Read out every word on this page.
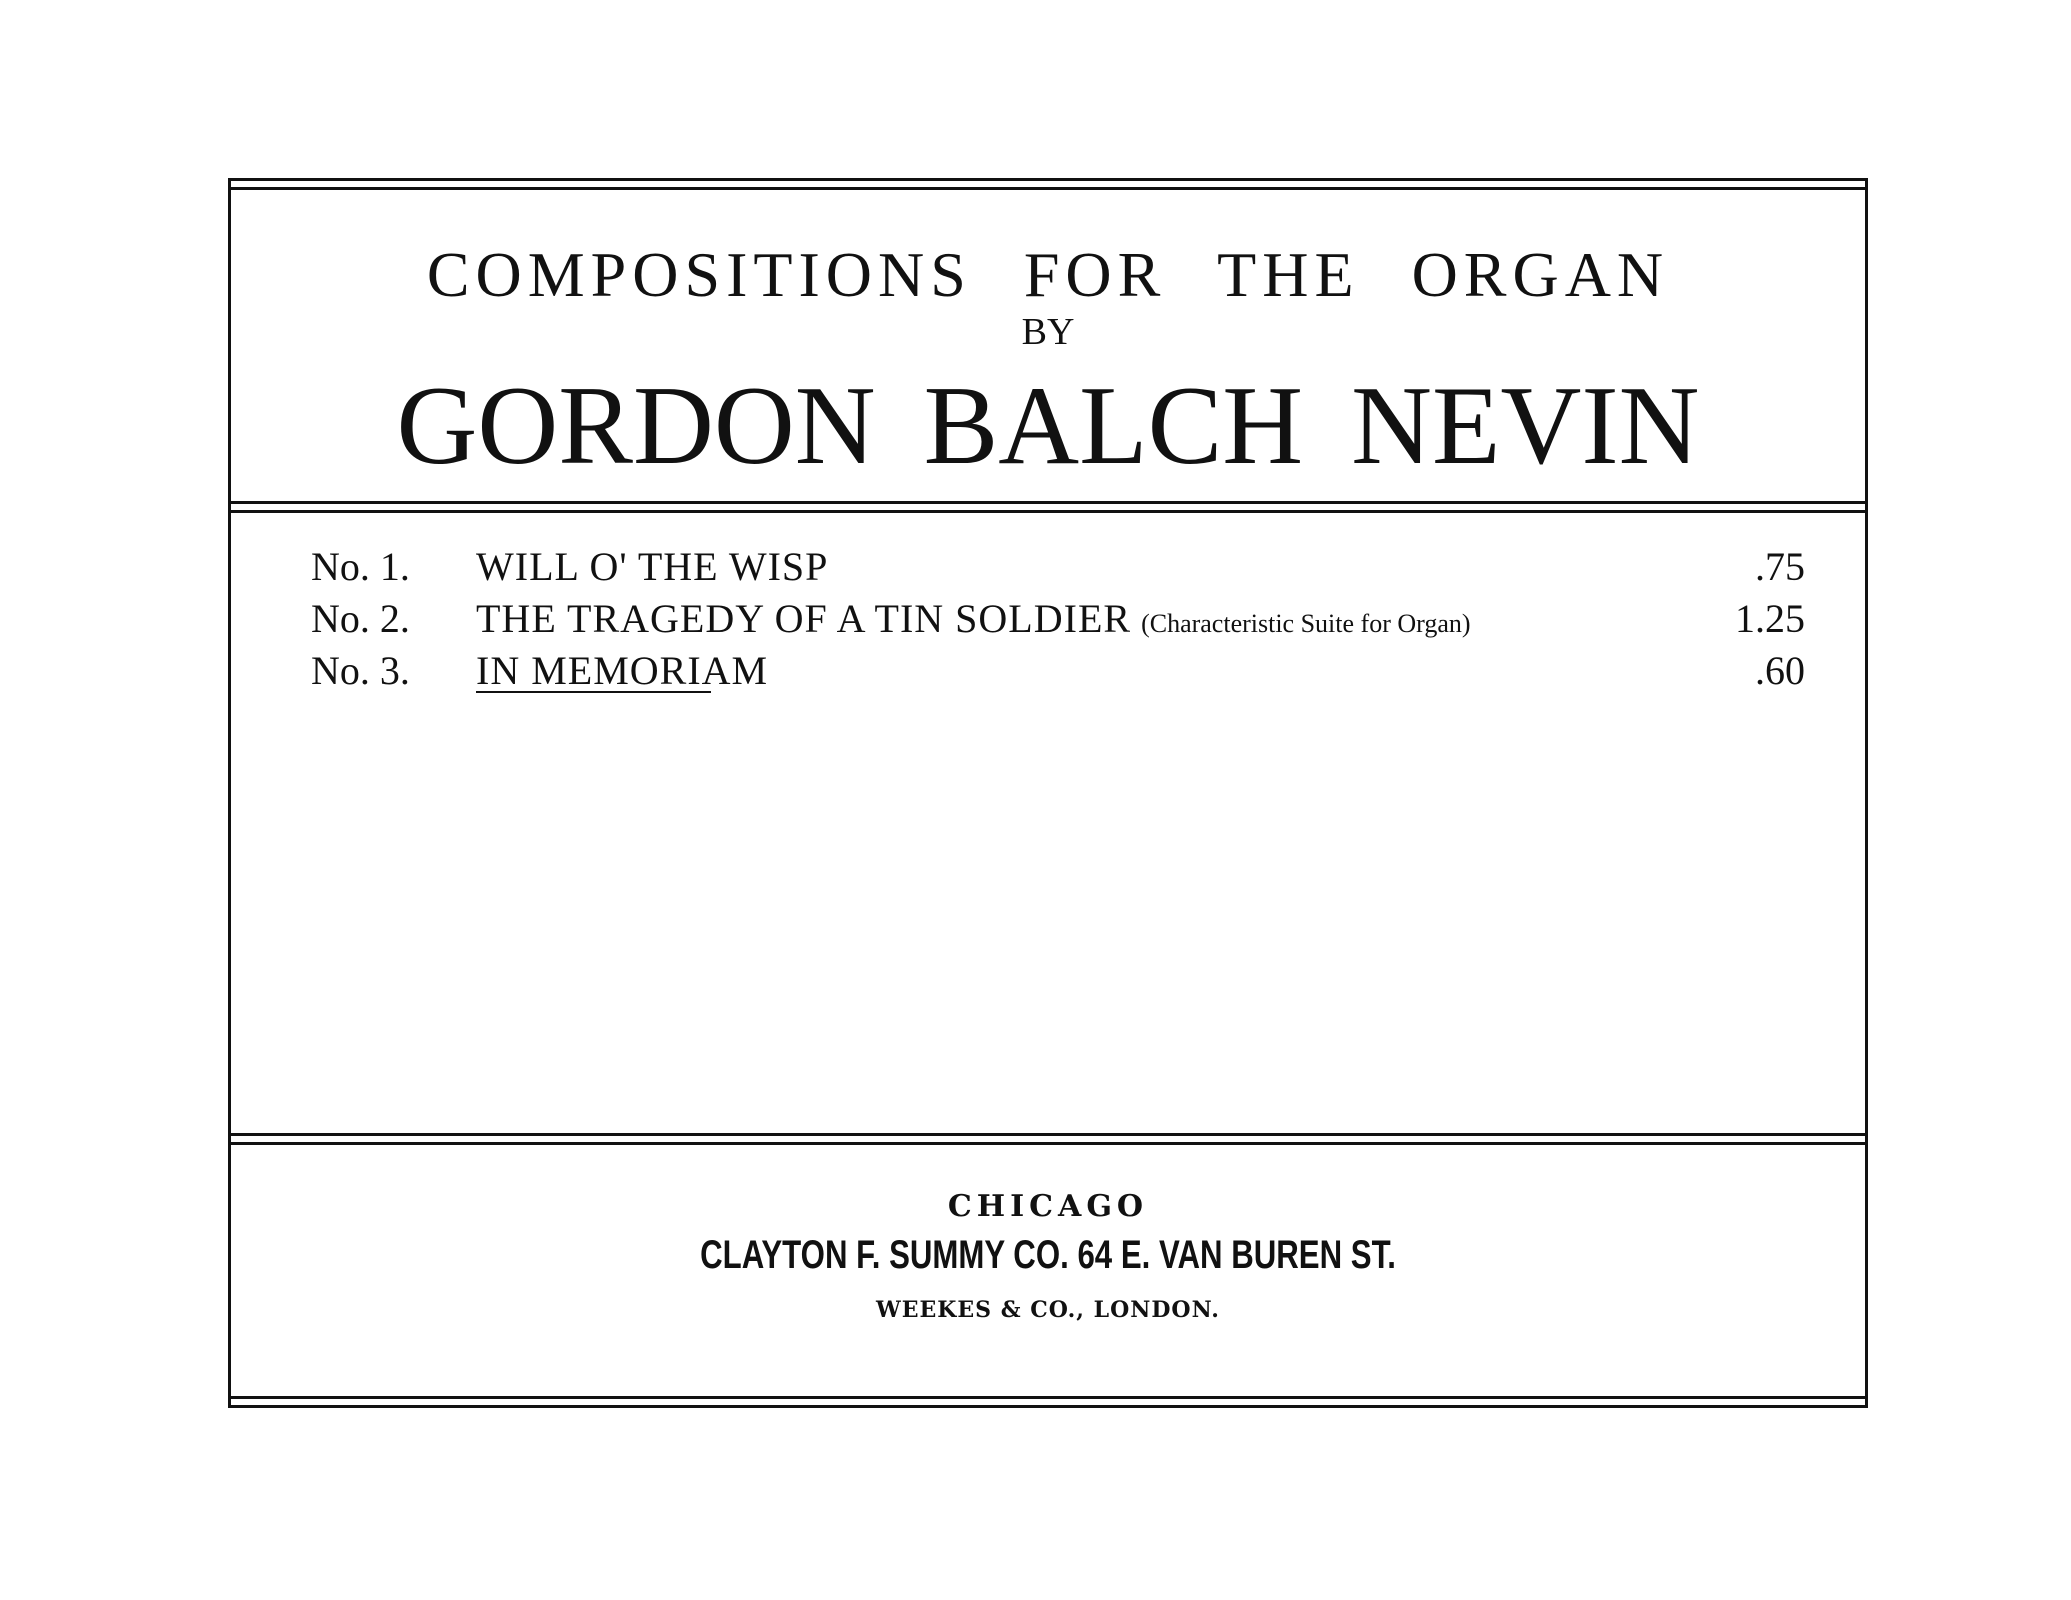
COMPOSITIONS FOR THE ORGAN
BY
GORDON BALCH NEVIN
No. 1. WILL O' THE WISP	.75
No. 2. THE TRAGEDY OF A TIN SOLDIER (Characteristic Suite for Organ)	1.25
No. 3. IN MEMORIAM	.60
CHICAGO
CLAYTON F. SUMMY CO. 64 E. VAN BUREN ST.
WEEKES & CO., LONDON.
